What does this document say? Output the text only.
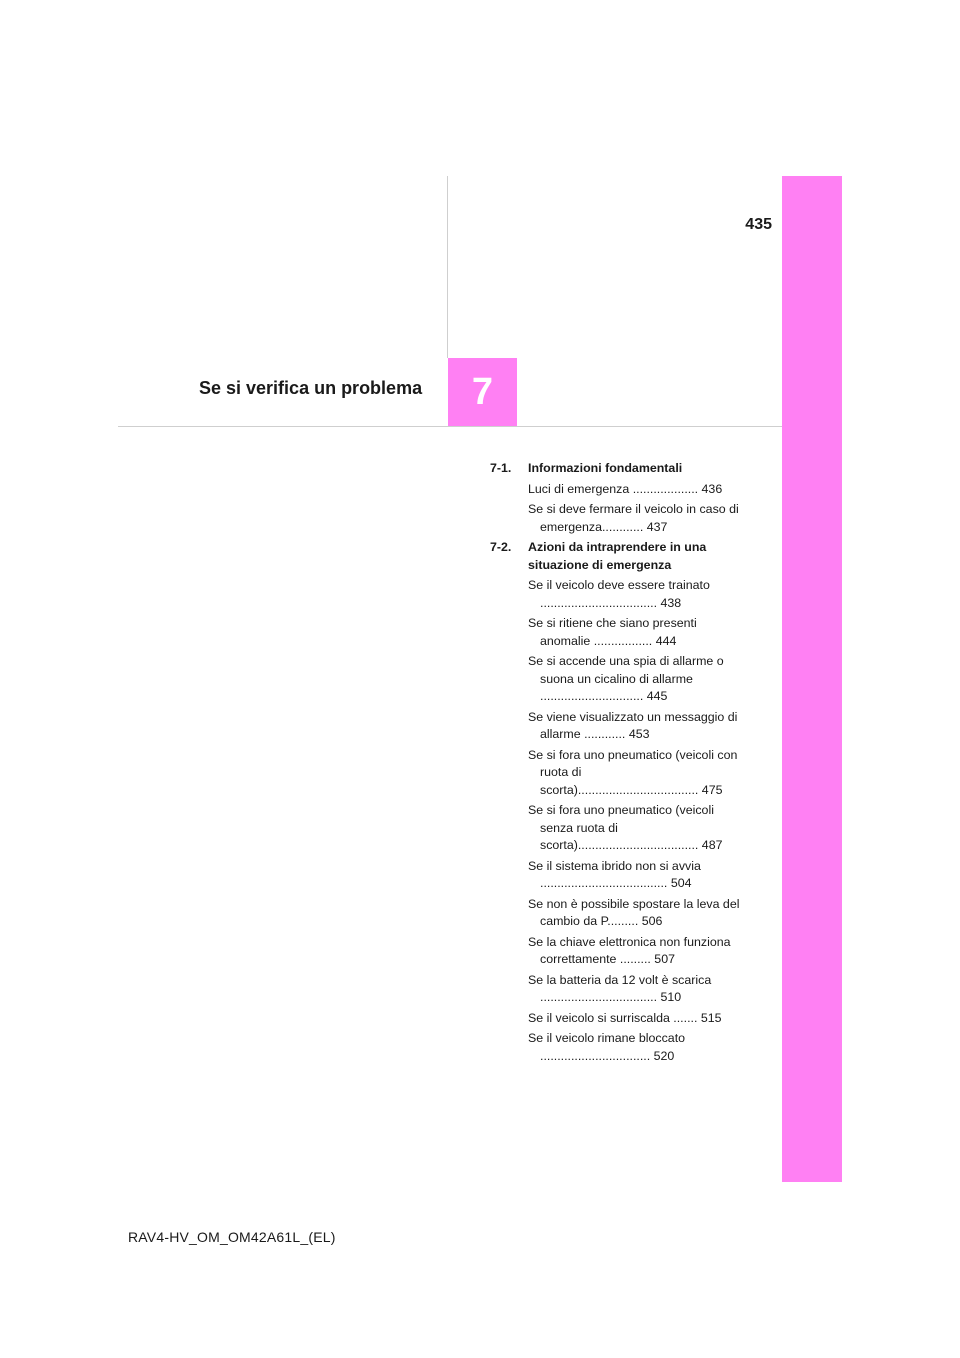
435
Se si verifica un problema	7
7-1.	Informazioni fondamentali
Luci di emergenza ................... 436
Se si deve fermare il veicolo in caso di emergenza............ 437
7-2.	Azioni da intraprendere in una situazione di emergenza
Se il veicolo deve essere trainato .................................. 438
Se si ritiene che siano presenti anomalie ................. 444
Se si accende una spia di allarme o suona un cicalino di allarme .............................. 445
Se viene visualizzato un messaggio di allarme ............ 453
Se si fora uno pneumatico (veicoli con ruota di scorta)................................... 475
Se si fora uno pneumatico (veicoli senza ruota di scorta)................................... 487
Se il sistema ibrido non si avvia ..................................... 504
Se non è possibile spostare la leva del cambio da P......... 506
Se la chiave elettronica non funziona correttamente ......... 507
Se la batteria da 12 volt è scarica .................................. 510
Se il veicolo si surriscalda ....... 515
Se il veicolo rimane bloccato ................................ 520
RAV4-HV_OM_OM42A61L_(EL)
